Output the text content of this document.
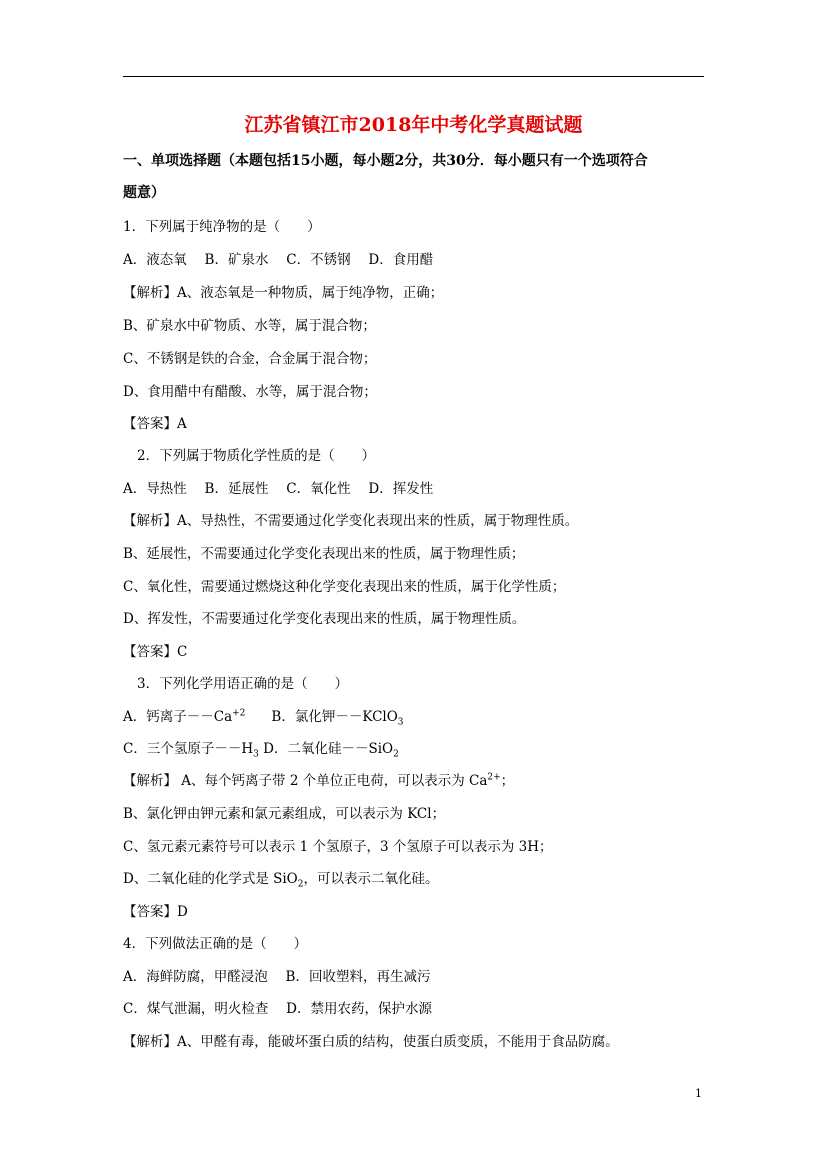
江苏省镇江市2018年中考化学真题试题
一、单项选择题（本题包括15小题，每小题2分，共30分．每小题只有一个选项符合
题意）
1．下列属于纯净物的是（　　）
A．液态氧　 B．矿泉水　 C．不锈钢　 D．食用醋
【解析】A、液态氧是一种物质，属于纯净物，正确；
B、矿泉水中矿物质、水等，属于混合物；
C、不锈钢是铁的合金，合金属于混合物；
D、食用醋中有醋酸、水等，属于混合物；
【答案】A
2．下列属于物质化学性质的是（　　）
A．导热性　 B．延展性　 C．氧化性　 D．挥发性
【解析】A、导热性，不需要通过化学变化表现出来的性质，属于物理性质。
B、延展性，不需要通过化学变化表现出来的性质，属于物理性质；
C、氧化性，需要通过燃烧这种化学变化表现出来的性质，属于化学性质；
D、挥发性，不需要通过化学变化表现出来的性质，属于物理性质。
【答案】C
3．下列化学用语正确的是（　　）
A．钙离子$--Ca^{+2}$ B．氯化钾－－KClO$_3$
C．三个氢原子$--H_3$ D．二氧化硅－－SiO$_2$
【解析】 A、每个钙离子带 2 个单位正电荷，可以表示为 $Ca^{2+}$；
B、氯化钾由钾元素和氯元素组成，可以表示为 KCl；
C、氢元素元素符号可以表示 1 个氢原子，3 个氢原子可以表示为 3H；
D、二氧化硅的化学式是 SiO$_2$，可以表示二氧化硅。
【答案】D
4．下列做法正确的是（　　）
A．海鲜防腐，甲醛浸泡　 B．回收塑料，再生减污
C．煤气泄漏，明火检查　 D．禁用农药，保护水源
【解析】A、甲醛有毒，能破坏蛋白质的结构，使蛋白质变质，不能用于食品防腐。
1
